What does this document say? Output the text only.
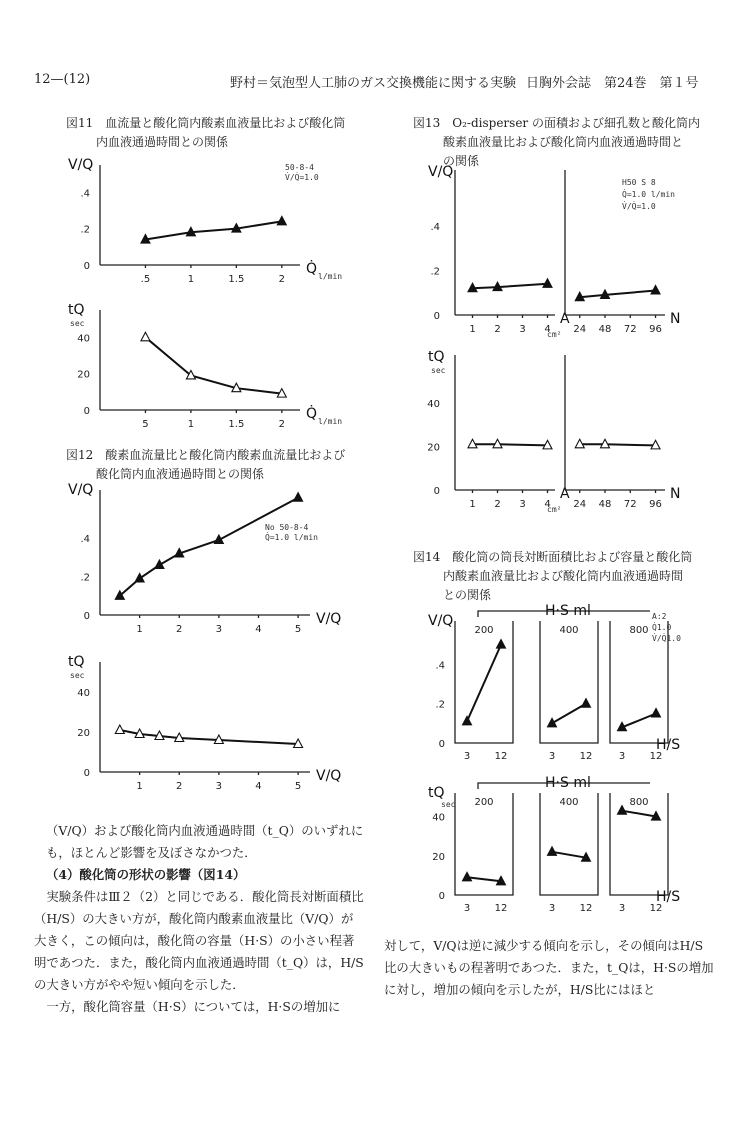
12—(12)	野村＝気泡型人工肺のガス交換機能に関する実験 日胸外会誌　第24巻　第１号
図11　血流量と酸化筒内酸素血液量比および酸化筒
内血液通過時間との関係
図12　酸素血流量比と酸化筒内酸素血流量比および
酸化筒内血液通過時間との関係
図13　O₂-disperser の面積および細孔数と酸化筒内
酸素血液量比および酸化筒内血液通過時間と
の関係
図14　酸化筒の筒長対断面積比および容量と酸化筒
内酸素血液量比および酸化筒内血液通過時間
との関係
（V/Q）および酸化筒内血液通過時間（t_Q）のいずれにも，ほとんど影響を及ぼさなかつた．
（4）酸化筒の形状の影響（図14）
実験条件はⅢ２（2）と同じである．酸化筒長対断面積比（H/S）の大きい方が，酸化筒内酸素血液量比（V/Q）が大きく，この傾向は，酸化筒の容量（H·S）の小さい程著明であつた．また，酸化筒内血液通過時間（t_Q）は，H/Sの大きい方がやや短い傾向を示した．
一方，酸化筒容量（H·S）については，H·Sの増加に
対して，V/Qは逆に減少する傾向を示し，その傾向はH/S比の大きいもの程著明であつた．また，t_Qは，H·Sの増加に対し，増加の傾向を示したが，H/S比にはほと
0
.2
.4
.5	1	1.5	2
V/Q
Q̇ l/min
50-8-4
V̇/Q̇=1.0
0
20
40
5	1	1.5	2
tQ
sec
Q̇ l/min
0
.2
.4
1	2	3	4	5
V/Q
V/Q
No 50-8-4
Q̇=1.0 l/min
0
20
40
1	2	3	4	5
tQ
sec
V/Q
0
.2
.4
V/Q
1 2 3 4
A
cm² 24 48 72 96
N
H50 S 8
Q̇=1.0 l/min
V̇/Q̇=1.0
0
20
40
tQ
sec
1 2 3 4
A
cm² 24 48 72 96
N
0
.2
.4
V/Q
H·S ml
200
3 12
400
3 12
800
3 12
H/S
A:2
Q̇1.0
V̇/Q̇1.0
0
20
40
tQ
sec
H·S ml
200
3 12
400
3 12
800
3 12
H/S
